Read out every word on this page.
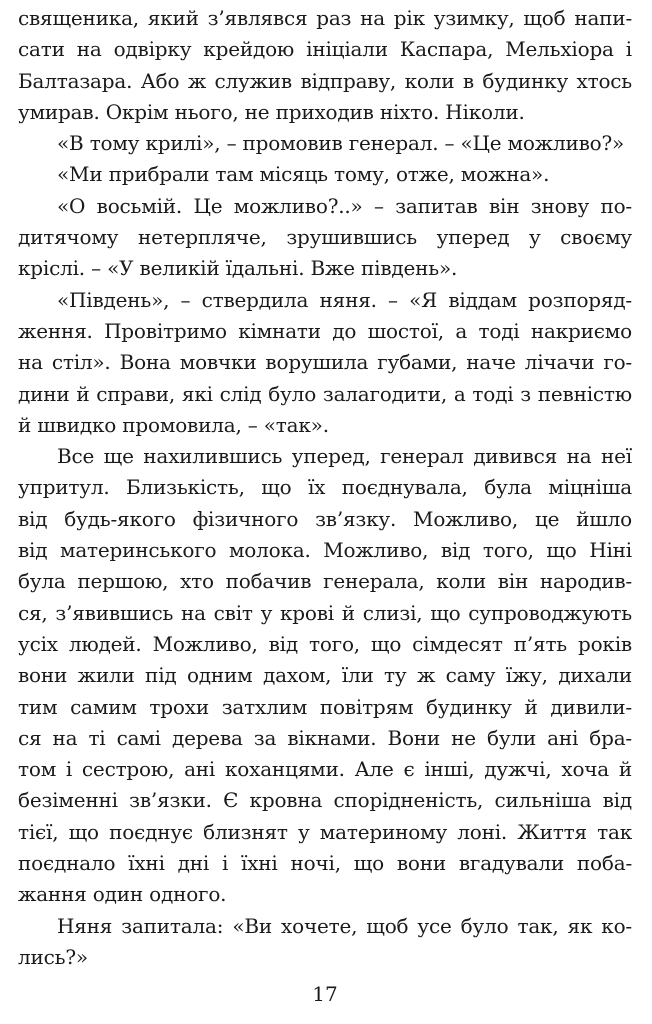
священика, який з’являвся раз на рік узимку, щоб напи-
сати на одвірку крейдою ініціали Каспара, Мельхіора і
Балтазара. Або ж служив відправу, коли в будинку хтось
умирав. Окрім нього, не приходив ніхто. Ніколи.
«В тому крилі», – промовив генерал. – «Це можливо?»
«Ми прибрали там місяць тому, отже, можна».
«О восьмій. Це можливо?..» – запитав він знову по-
дитячому нетерпляче, зрушившись уперед у своєму
кріслі. – «У великій їдальні. Вже південь».
«Південь», – ствердила няня. – «Я віддам розпоряд-
ження. Провітримо кімнати до шостої, а тоді накриємо
на стіл». Вона мовчки ворушила губами, наче лічачи го-
дини й справи, які слід було залагодити, а тоді з певністю
й швидко промовила, – «так».
Все ще нахилившись уперед, генерал дивився на неї
упритул. Близькість, що їх поєднувала, була міцніша
від будь-якого фізичного зв’язку. Можливо, це йшло
від материнського молока. Можливо, від того, що Ніні
була першою, хто побачив генерала, коли він народив-
ся, з’явившись на світ у крові й слизі, що супроводжують
усіх людей. Можливо, від того, що сімдесят п’ять років
вони жили під одним дахом, їли ту ж саму їжу, дихали
тим самим трохи затхлим повітрям будинку й дивили-
ся на ті самі дерева за вікнами. Вони не були ані бра-
том і сестрою, ані коханцями. Але є інші, дужчі, хоча й
безіменні зв’язки. Є кровна спорідненість, сильніша від
тієї, що поєднує близнят у материному лоні. Життя так
поєднало їхні дні і їхні ночі, що вони вгадували поба-
жання один одного.
Няня запитала: «Ви хочете, щоб усе було так, як ко-
лись?»
17
